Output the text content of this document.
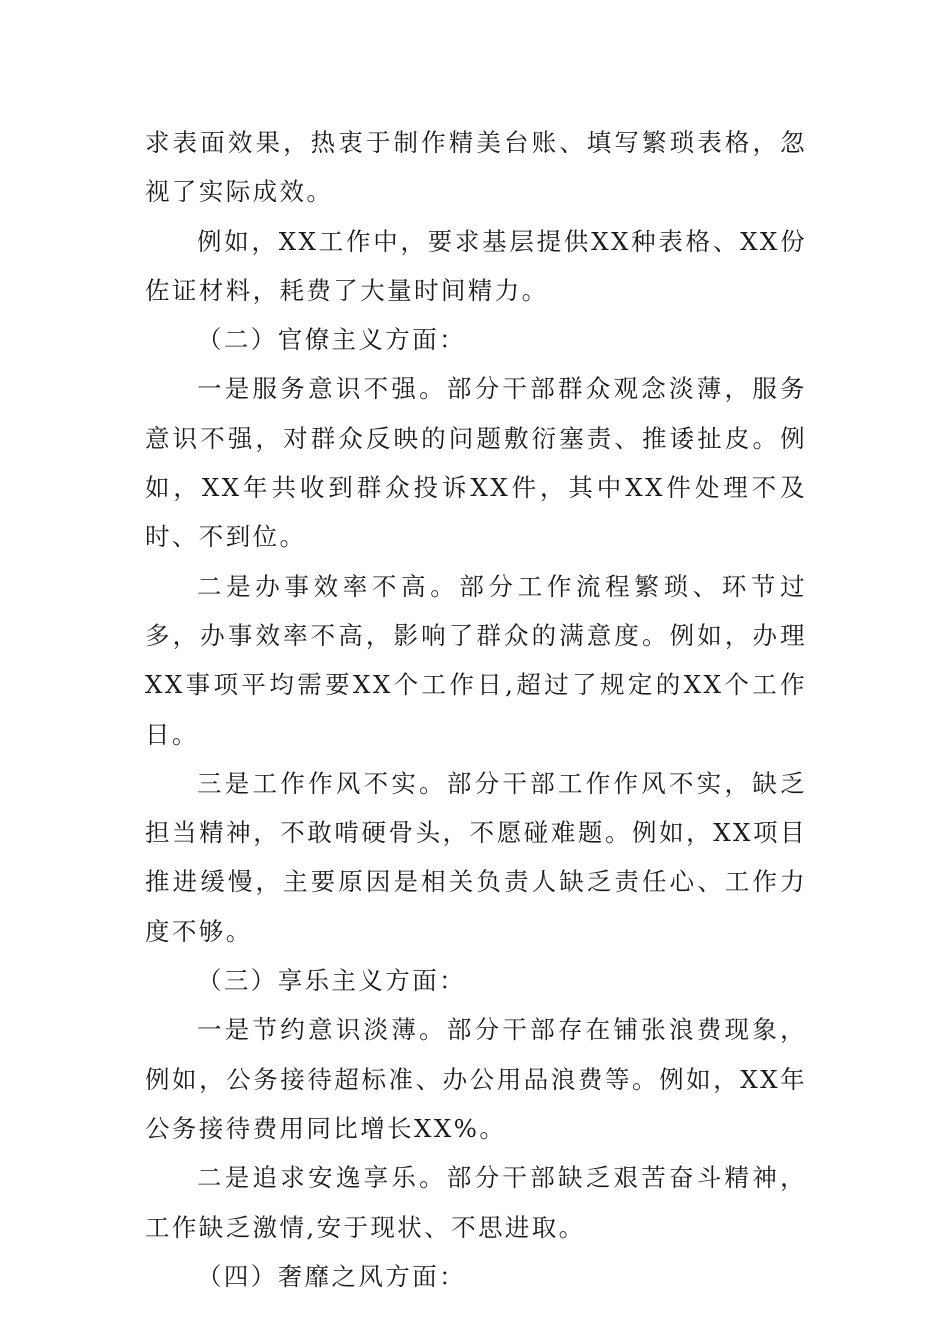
求表面效果，热衷于制作精美台账、填写繁琐表格，忽视了实际成效。

例如，XX工作中，要求基层提供XX种表格、XX份佐证材料，耗费了大量时间精力。

（二）官僚主义方面：

一是服务意识不强。部分干部群众观念淡薄，服务意识不强，对群众反映的问题敷衍塞责、推诿扯皮。例如，XX年共收到群众投诉XX件，其中XX件处理不及时、不到位。

二是办事效率不高。部分工作流程繁琐、环节过多，办事效率不高，影响了群众的满意度。例如，办理XX事项平均需要XX个工作日,超过了规定的XX个工作日。

三是工作作风不实。部分干部工作作风不实，缺乏担当精神，不敢啃硬骨头，不愿碰难题。例如，XX项目推进缓慢，主要原因是相关负责人缺乏责任心、工作力度不够。

（三）享乐主义方面：

一是节约意识淡薄。部分干部存在铺张浪费现象，例如，公务接待超标准、办公用品浪费等。例如，XX年公务接待费用同比增长XX%。

二是追求安逸享乐。部分干部缺乏艰苦奋斗精神，工作缺乏激情,安于现状、不思进取。

（四）奢靡之风方面：
